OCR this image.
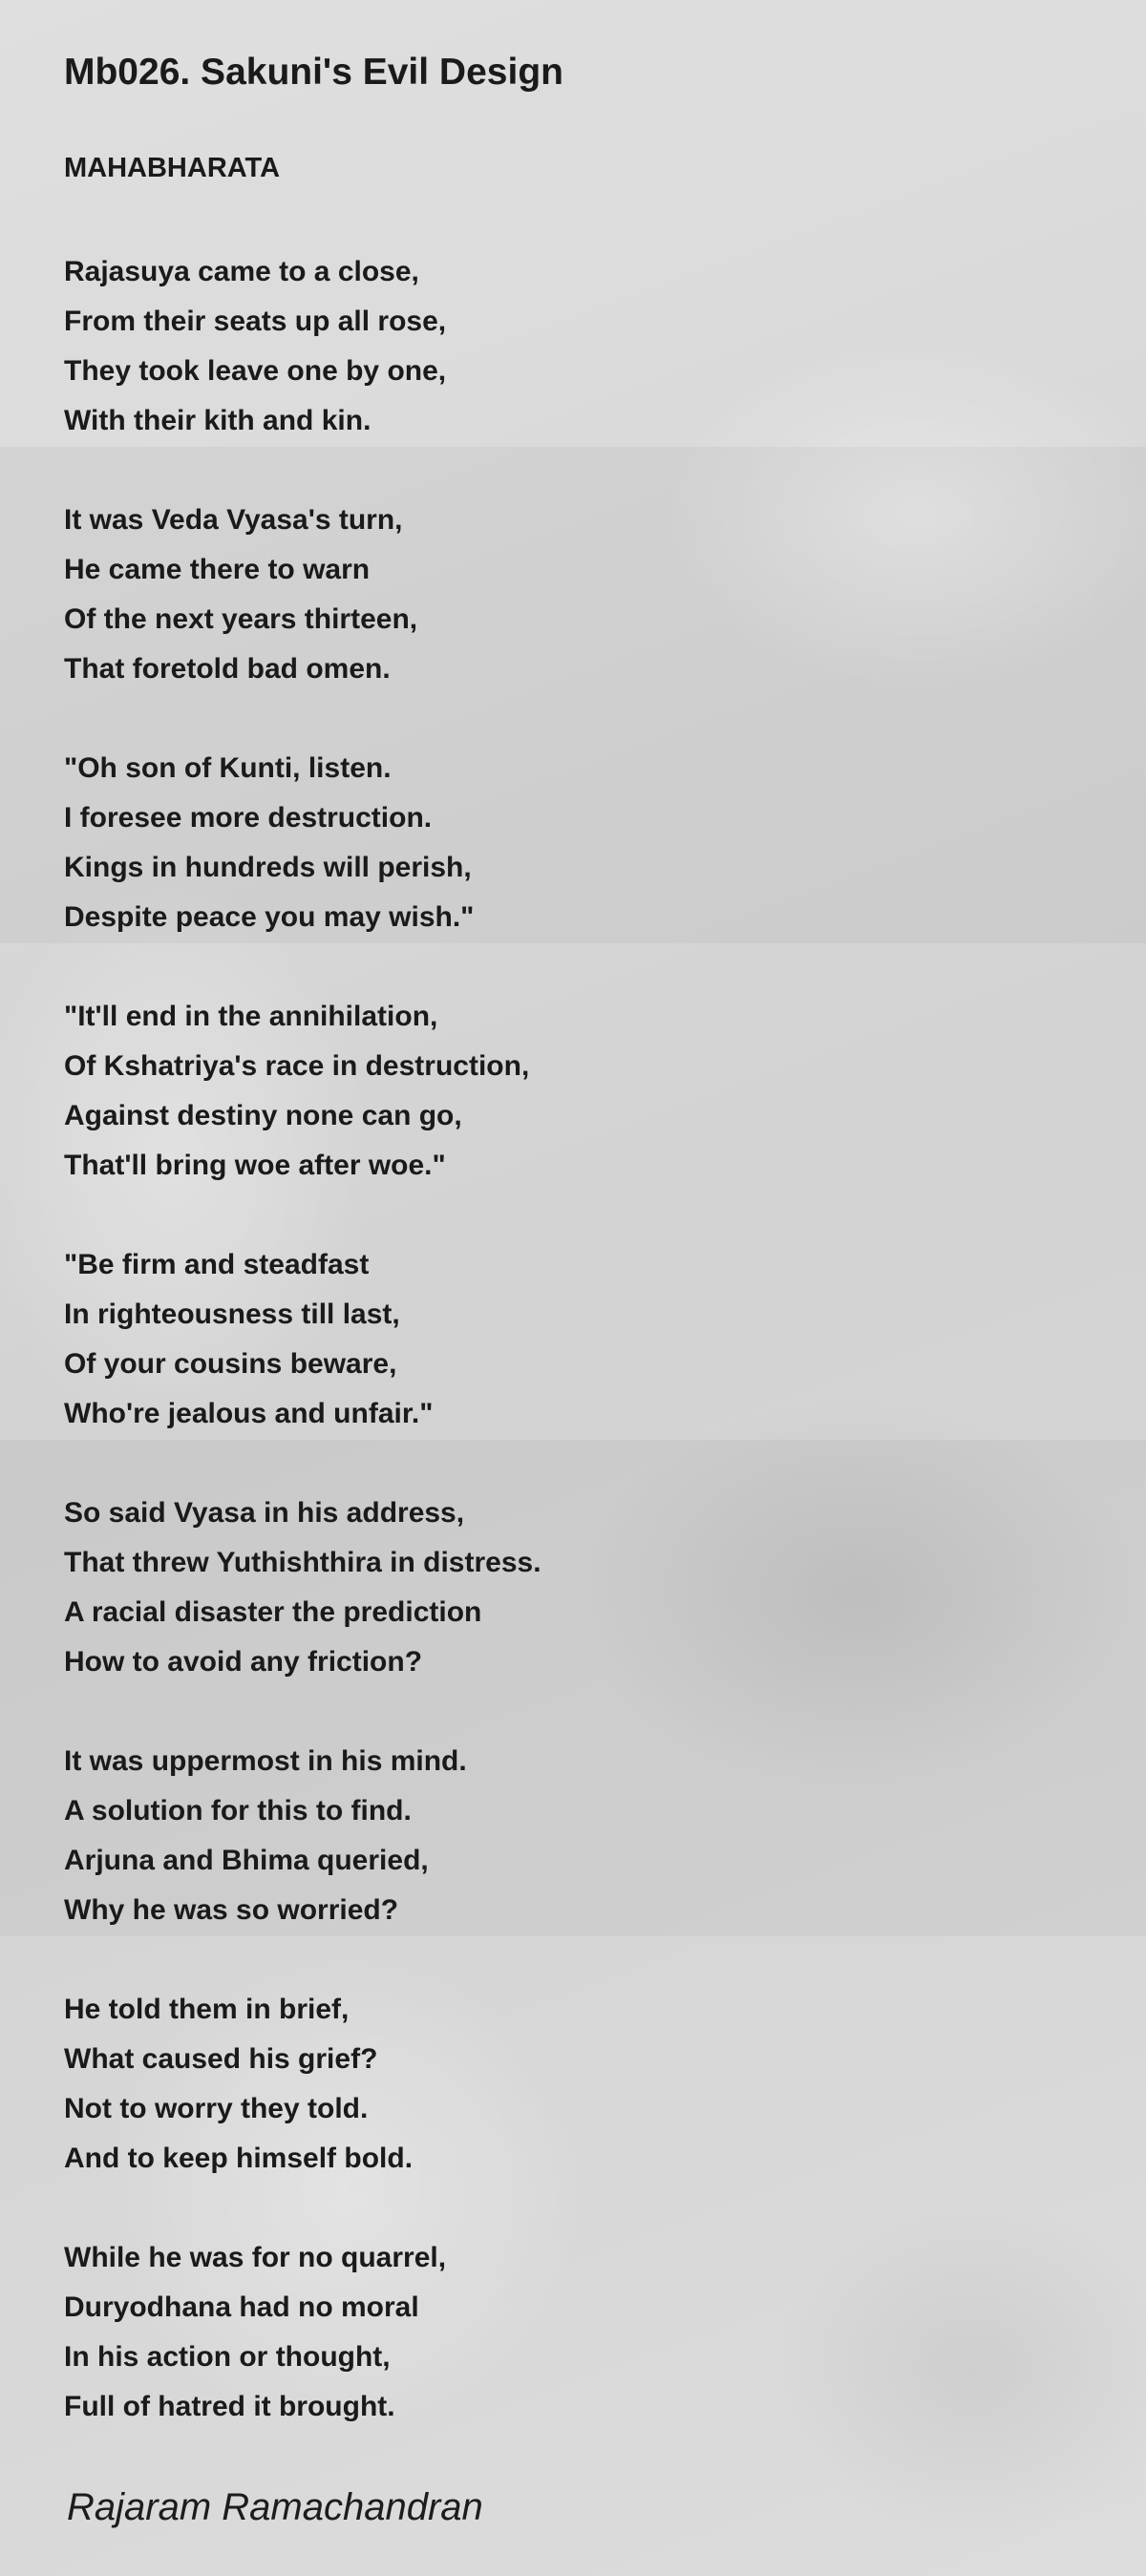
Mb026. Sakuni's Evil Design
MAHABHARATA
Rajasuya came to a close,
From their seats up all rose,
They took leave one by one,
With their kith and kin.
It was Veda Vyasa's turn,
He came there to warn
Of the next years thirteen,
That foretold bad omen.
"Oh son of Kunti, listen.
I foresee more destruction.
Kings in hundreds will perish,
Despite peace you may wish."
"It'll end in the annihilation,
Of Kshatriya's race in destruction,
Against destiny none can go,
That'll bring woe after woe."
"Be firm and steadfast
In righteousness till last,
Of your cousins beware,
Who're jealous and unfair."
So said Vyasa in his address,
That threw Yuthishthira in distress.
A racial disaster the prediction
How to avoid any friction?
It was uppermost in his mind.
A solution for this to find.
Arjuna and Bhima queried,
Why he was so worried?
He told them in brief,
What caused his grief?
Not to worry they told.
And to keep himself bold.
While he was for no quarrel,
Duryodhana had no moral
In his action or thought,
Full of hatred it brought.

Rajaram Ramachandran
